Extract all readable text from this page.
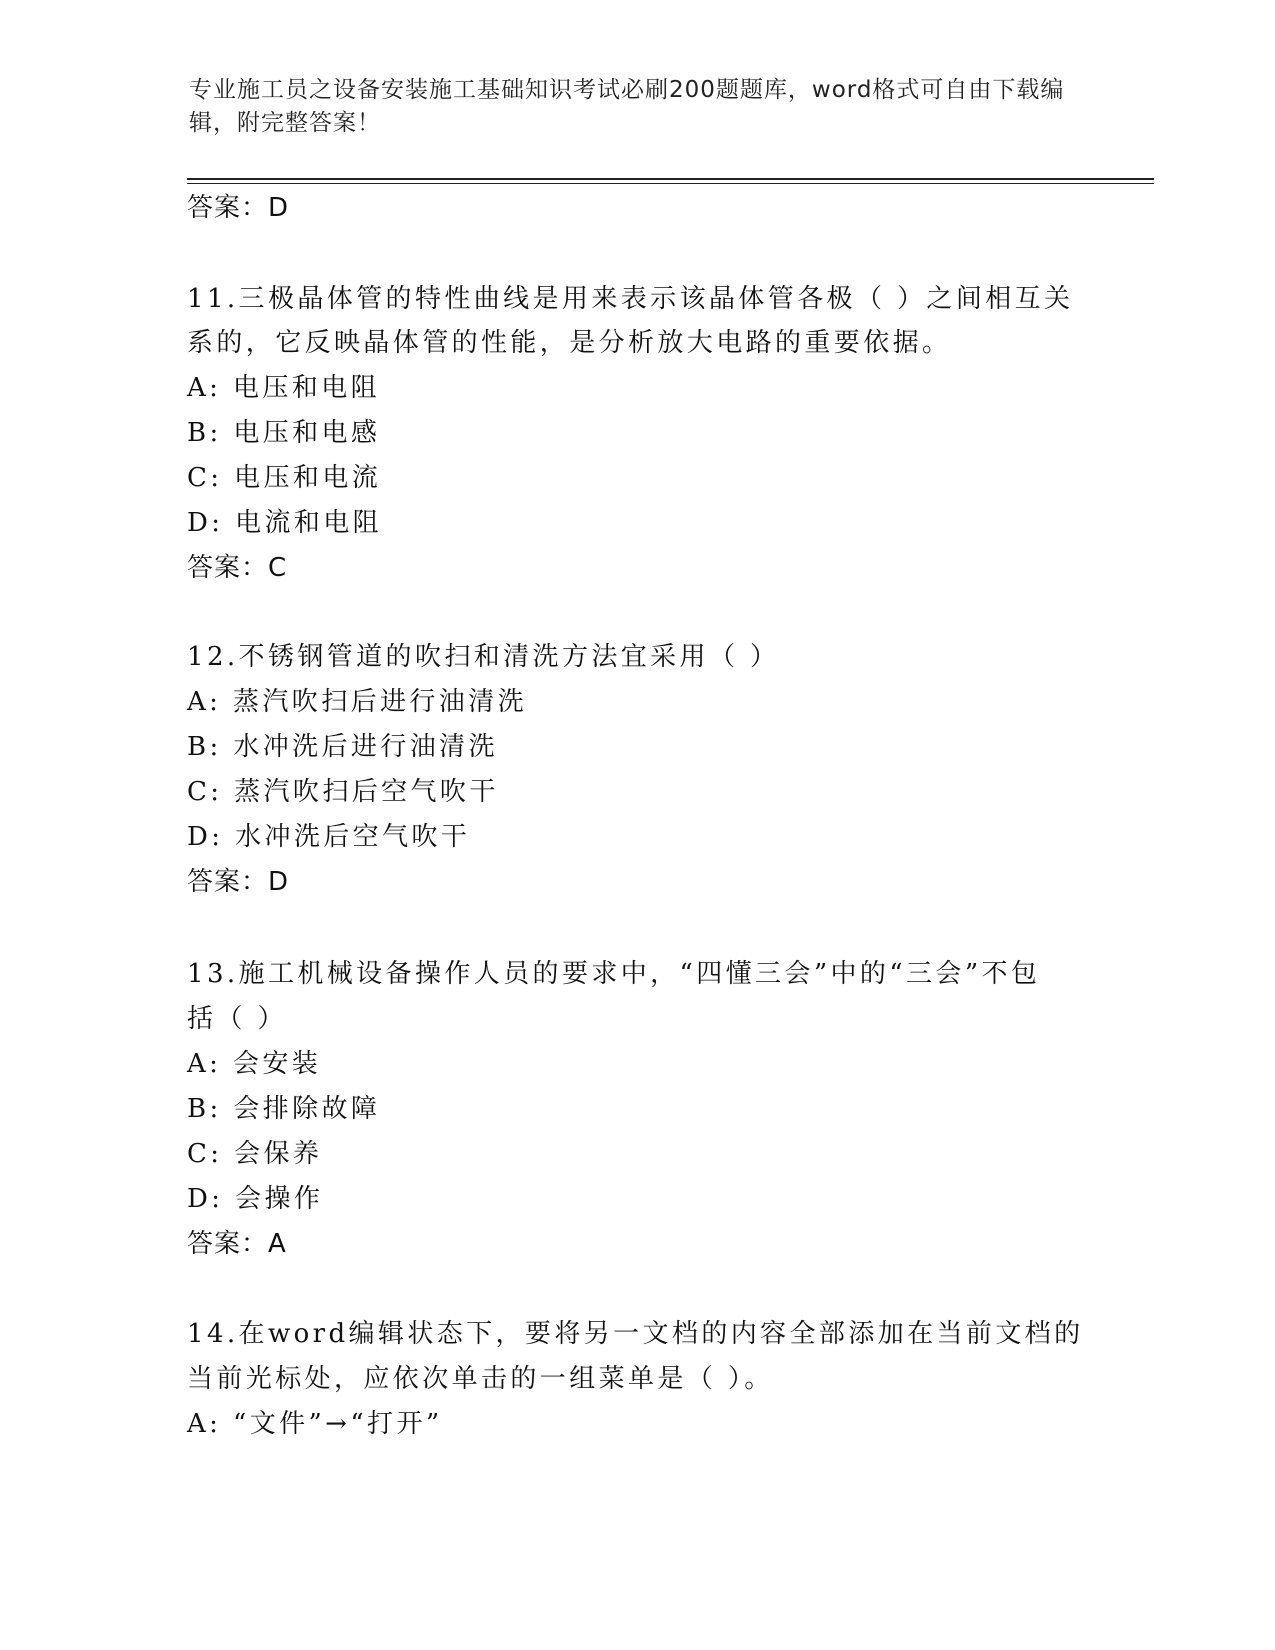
专业施工员之设备安装施工基础知识考试必刷200题题库，word格式可自由下载编辑，附完整答案！
答案：D
11.三极晶体管的特性曲线是用来表示该晶体管各极（ ）之间相互关
系的，它反映晶体管的性能，是分析放大电路的重要依据。
A: 电压和电阻
B: 电压和电感
C: 电压和电流
D: 电流和电阻
答案：C
12.不锈钢管道的吹扫和清洗方法宜采用（ ）
A: 蒸汽吹扫后进行油清洗
B: 水冲洗后进行油清洗
C: 蒸汽吹扫后空气吹干
D: 水冲洗后空气吹干
答案：D
13.施工机械设备操作人员的要求中，“四懂三会”中的“三会”不包
括（ ）
A: 会安装
B: 会排除故障
C: 会保养
D: 会操作
答案：A
14.在word编辑状态下，要将另一文档的内容全部添加在当前文档的
当前光标处，应依次单击的一组菜单是（ ）。
A: “文件”→“打开”
